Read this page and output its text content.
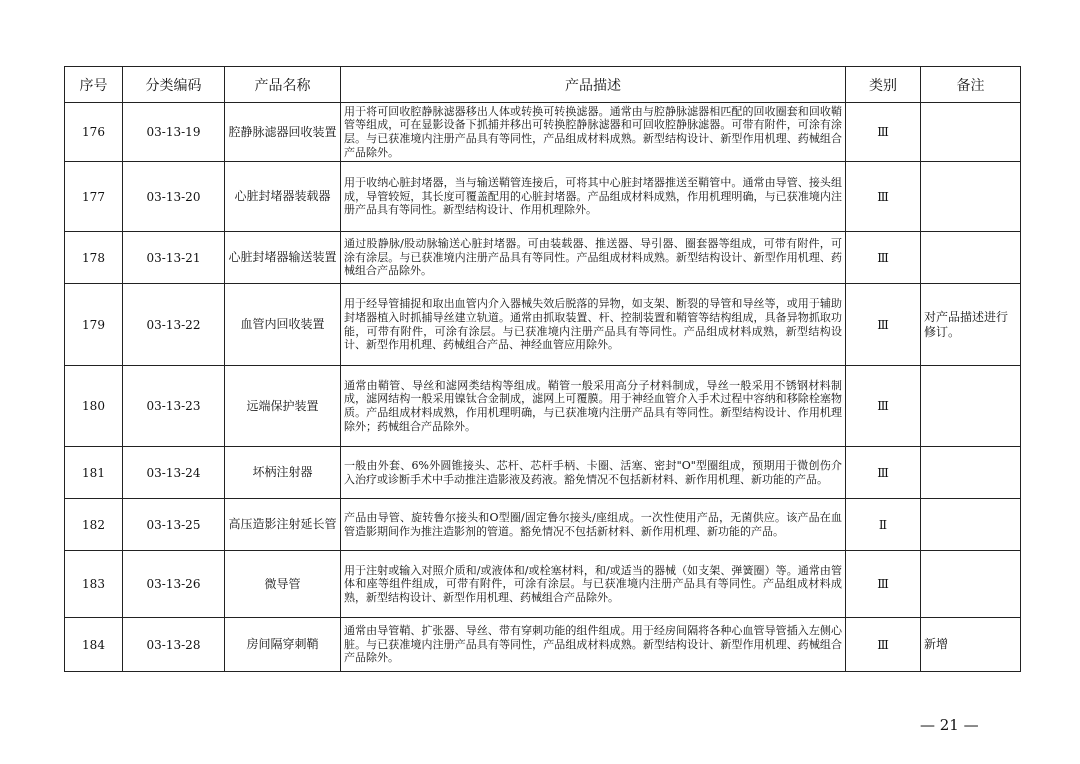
序号	分类编码	产品名称	产品描述	类别	备注
176	03-13-19	腔静脉滤器回收装置	用于将可回收腔静脉滤器移出人体或转换可转换滤器。通常由与腔静脉滤器相匹配的回收圈套和回收鞘管等组成，可在显影设备下抓捕并移出可转换腔静脉滤器和可回收腔静脉滤器。可带有附件，可涂有涂层。与已获准境内注册产品具有等同性，产品组成材料成熟。新型结构设计、新型作用机理、药械组合产品除外。	Ⅲ	
177	03-13-20	心脏封堵器装载器	用于收纳心脏封堵器，当与输送鞘管连接后，可将其中心脏封堵器推送至鞘管中。通常由导管、接头组成，导管较短，其长度可覆盖配用的心脏封堵器。产品组成材料成熟，作用机理明确，与已获准境内注册产品具有等同性。新型结构设计、作用机理除外。	Ⅲ	
178	03-13-21	心脏封堵器输送装置	通过股静脉/股动脉输送心脏封堵器。可由装载器、推送器、导引器、圈套器等组成，可带有附件，可涂有涂层。与已获准境内注册产品具有等同性。产品组成材料成熟。新型结构设计、新型作用机理、药械组合产品除外。	Ⅲ	
179	03-13-22	血管内回收装置	用于经导管捕捉和取出血管内介入器械失效后脱落的异物，如支架、断裂的导管和导丝等，或用于辅助封堵器植入时抓捕导丝建立轨道。通常由抓取装置、杆、控制装置和鞘管等结构组成，具备异物抓取功能，可带有附件，可涂有涂层。与已获准境内注册产品具有等同性。产品组成材料成熟，新型结构设计、新型作用机理、药械组合产品、神经血管应用除外。	Ⅲ	对产品描述进行修订。
180	03-13-23	远端保护装置	通常由鞘管、导丝和滤网类结构等组成。鞘管一般采用高分子材料制成，导丝一般采用不锈钢材料制成，滤网结构一般采用镍钛合金制成，滤网上可覆膜。用于神经血管介入手术过程中容纳和移除栓塞物质。产品组成材料成熟，作用机理明确，与已获准境内注册产品具有等同性。新型结构设计、作用机理除外；药械组合产品除外。	Ⅲ	
181	03-13-24	坏柄注射器	一般由外套、6%外圆锥接头、芯杆、芯杆手柄、卡圈、活塞、密封"O"型圈组成，预期用于微创伤介入治疗或诊断手术中手动推注造影液及药液。豁免情况不包括新材料、新作用机理、新功能的产品。	Ⅲ	
182	03-13-25	高压造影注射延长管	产品由导管、旋转鲁尔接头和O型圈/固定鲁尔接头/座组成。一次性使用产品，无菌供应。该产品在血管造影期间作为推注造影剂的管道。豁免情况不包括新材料、新作用机理、新功能的产品。	Ⅱ	
183	03-13-26	微导管	用于注射或输入对照介质和/或液体和/或栓塞材料，和/或适当的器械（如支架、弹簧圈）等。通常由管体和座等组件组成，可带有附件，可涂有涂层。与已获准境内注册产品具有等同性。产品组成材料成熟，新型结构设计、新型作用机理、药械组合产品除外。	Ⅲ	
184	03-13-28	房间隔穿刺鞘	通常由导管鞘、扩张器、导丝、带有穿刺功能的组件组成。用于经房间隔将各种心血管导管插入左侧心脏。与已获准境内注册产品具有等同性，产品组成材料成熟。新型结构设计、新型作用机理、药械组合产品除外。	Ⅲ	新增
— 21 —
